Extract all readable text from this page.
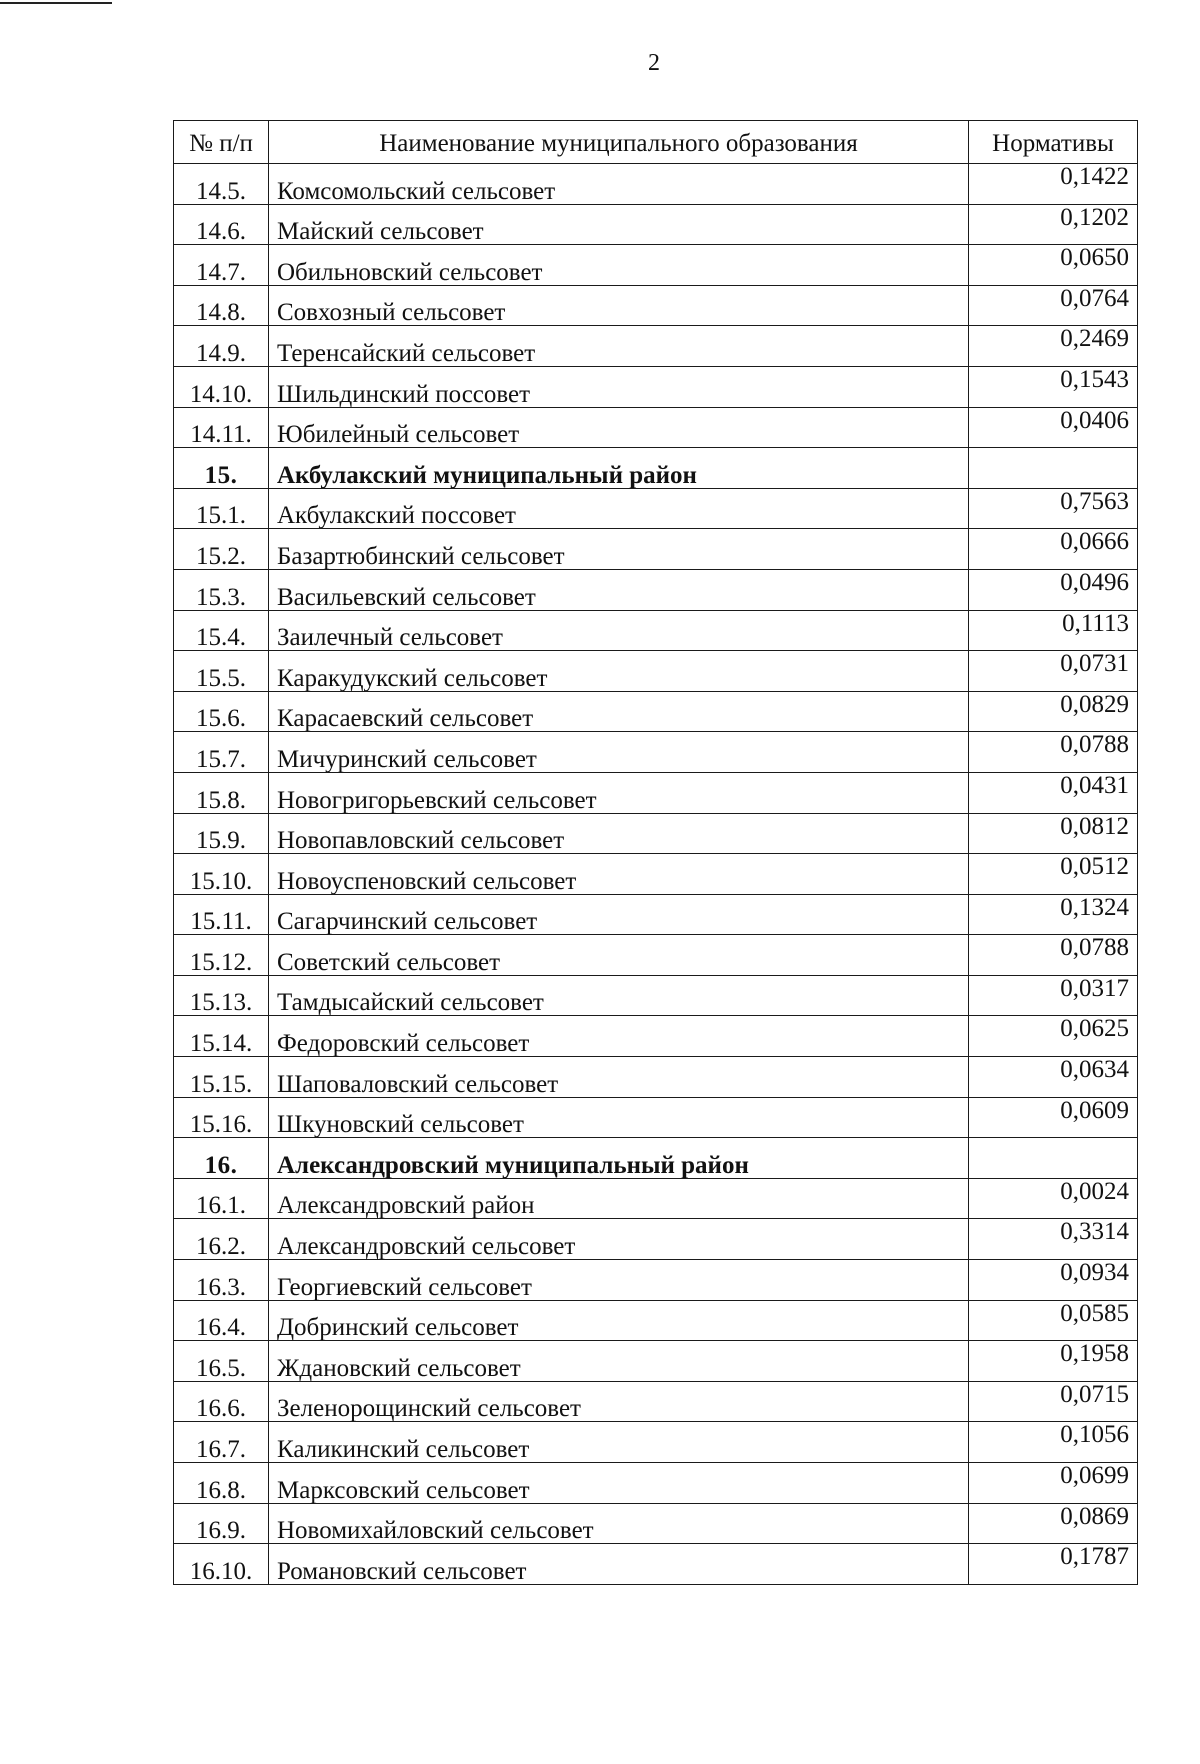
2
№ п/п	Наименование муниципального образования	Нормативы
14.5.	Комсомольский сельсовет	0,1422
14.6.	Майский сельсовет	0,1202
14.7.	Обильновский сельсовет	0,0650
14.8.	Совхозный сельсовет	0,0764
14.9.	Теренсайский сельсовет	0,2469
14.10.	Шильдинский поссовет	0,1543
14.11.	Юбилейный сельсовет	0,0406
15.	Акбулакский муниципальный район	
15.1.	Акбулакский поссовет	0,7563
15.2.	Базартюбинский сельсовет	0,0666
15.3.	Васильевский сельсовет	0,0496
15.4.	Заилечный сельсовет	0,1113
15.5.	Каракудукский сельсовет	0,0731
15.6.	Карасаевский сельсовет	0,0829
15.7.	Мичуринский сельсовет	0,0788
15.8.	Новогригорьевский сельсовет	0,0431
15.9.	Новопавловский сельсовет	0,0812
15.10.	Новоуспеновский сельсовет	0,0512
15.11.	Сагарчинский сельсовет	0,1324
15.12.	Советский сельсовет	0,0788
15.13.	Тамдысайский сельсовет	0,0317
15.14.	Федоровский сельсовет	0,0625
15.15.	Шаповаловский сельсовет	0,0634
15.16.	Шкуновский сельсовет	0,0609
16.	Александровский муниципальный район	
16.1.	Александровский район	0,0024
16.2.	Александровский сельсовет	0,3314
16.3.	Георгиевский сельсовет	0,0934
16.4.	Добринский сельсовет	0,0585
16.5.	Ждановский сельсовет	0,1958
16.6.	Зеленорощинский сельсовет	0,0715
16.7.	Каликинский сельсовет	0,1056
16.8.	Марксовский сельсовет	0,0699
16.9.	Новомихайловский сельсовет	0,0869
16.10.	Романовский сельсовет	0,1787
